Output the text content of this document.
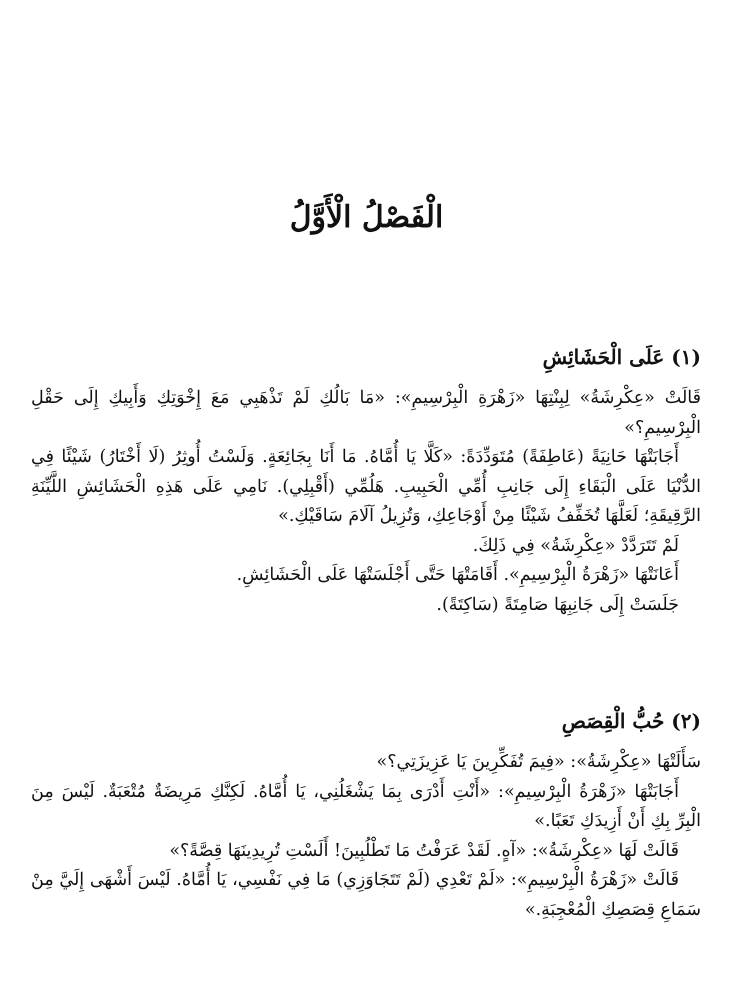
الْفَصْلُ الْأَوَّلُ
(١) عَلَى الْحَشَائِشِ

قَالَتْ «عِكْرِشَةُ» لِبِنْتِهَا «زَهْرَةِ الْبِرْسِيمِ»: «مَا بَالُكِ لَمْ تَذْهَبِي مَعَ إِخْوَتِكِ وَأَبِيكِ إِلَى حَقْلِ الْبِرْسِيمِ؟»

أَجَابَتْهَا حَانِيَةً (عَاطِفَةً) مُتَوَدِّدَةً: «كَلَّا يَا أُمَّاهُ. مَا أَنَا بِجَائِعَةٍ. وَلَسْتُ أُوثِرُ (لَا أَخْتَارُ) شَيْئًا فِي الدُّنْيَا عَلَى الْبَقَاءِ إِلَى جَانِبِ أُمِّي الْحَبِيبِ. هَلُمِّي (أَقْبِلِي). نَامِي عَلَى هَذِهِ الْحَشَائِشِ اللَّيِّنَةِ الرَّقِيقَةِ؛ لَعَلَّهَا تُخَفِّفُ شَيْئًا مِنْ أَوْجَاعِكِ، وَتُزِيلُ آلَامَ سَاقَيْكِ.»

لَمْ تَتَرَدَّدْ «عِكْرِشَةُ» فِي ذَلِكَ.

أَعَانَتْهَا «زَهْرَةُ الْبِرْسِيمِ». أَقَامَتْهَا حَتَّى أَجْلَسَتْهَا عَلَى الْحَشَائِشِ.

جَلَسَتْ إِلَى جَانِبِهَا صَامِتَةً (سَاكِتَةً).

(٢) حُبُّ الْقِصَصِ

سَأَلَتْهَا «عِكْرِشَةُ»: «فِيمَ تُفَكِّرِينَ يَا عَزِيزَتِي؟»

أَجَابَتْهَا «زَهْرَةُ الْبِرْسِيمِ»: «أَنْتِ أَدْرَى بِمَا يَشْغَلُنِي، يَا أُمَّاهُ. لَكِنَّكِ مَرِيضَةٌ مُتْعَبَةٌ. لَيْسَ مِنَ الْبِرِّ بِكِ أَنْ أَزِيدَكِ تَعَبًا.»

قَالَتْ لَهَا «عِكْرِشَةُ»: «آهٍ. لَقَدْ عَرَفْتُ مَا تَطْلُبِينَ! أَلَسْتِ تُرِيدِينَهَا قِصَّةً؟»

قَالَتْ «زَهْرَةُ الْبِرْسِيمِ»: «لَمْ تَعْدِي (لَمْ تَتَجَاوَزِي) مَا فِي نَفْسِي، يَا أُمَّاهُ. لَيْسَ أَشْهَى إِلَيَّ مِنْ سَمَاعِ قِصَصِكِ الْمُعْجِبَةِ.»
